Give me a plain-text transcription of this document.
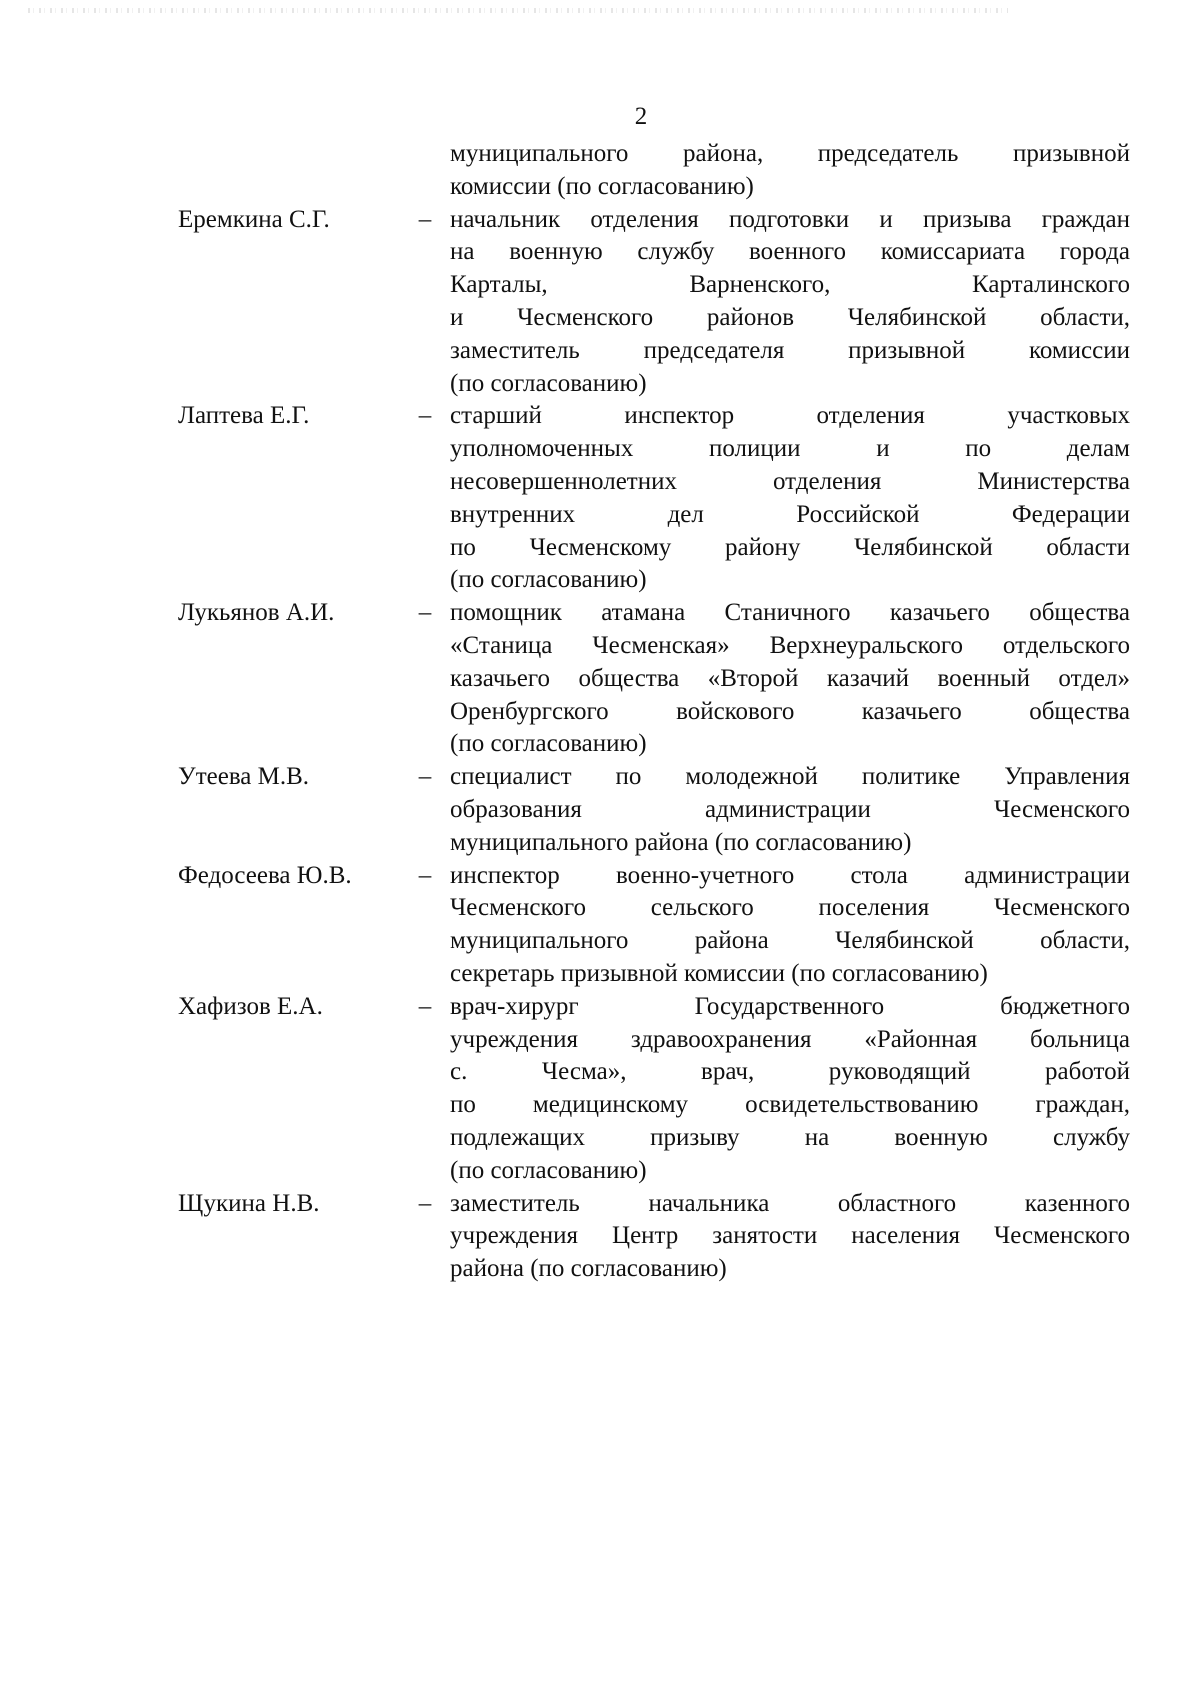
2
муниципального района, председатель призывной
комиссии (по согласованию)
Еремкина С.Г.	– начальник отделения подготовки и призыва граждан
на военную службу военного комиссариата города
Карталы, Варненского, Карталинского
и Чесменского районов Челябинской области,
заместитель председателя призывной комиссии
(по согласованию)
Лаптева Е.Г.	– старший инспектор отделения участковых
уполномоченных полиции и по делам
несовершеннолетних отделения Министерства
внутренних дел Российской Федерации
по Чесменскому району Челябинской области
(по согласованию)
Лукьянов А.И.	– помощник атамана Станичного казачьего общества
«Станица Чесменская» Верхнеуральского отдельского
казачьего общества «Второй казачий военный отдел»
Оренбургского войскового казачьего общества
(по согласованию)
Утеева М.В.	– специалист по молодежной политике Управления
образования администрации Чесменского
муниципального района (по согласованию)
Федосеева Ю.В.	– инспектор военно-учетного стола администрации
Чесменского сельского поселения Чесменского
муниципального района Челябинской области,
секретарь призывной комиссии (по согласованию)
Хафизов Е.А.	– врач-хирург Государственного бюджетного
учреждения здравоохранения «Районная больница
с. Чесма», врач, руководящий работой
по медицинскому освидетельствованию граждан,
подлежащих призыву на военную службу
(по согласованию)
Щукина Н.В.	– заместитель начальника областного казенного
учреждения Центр занятости населения Чесменского
района (по согласованию)
